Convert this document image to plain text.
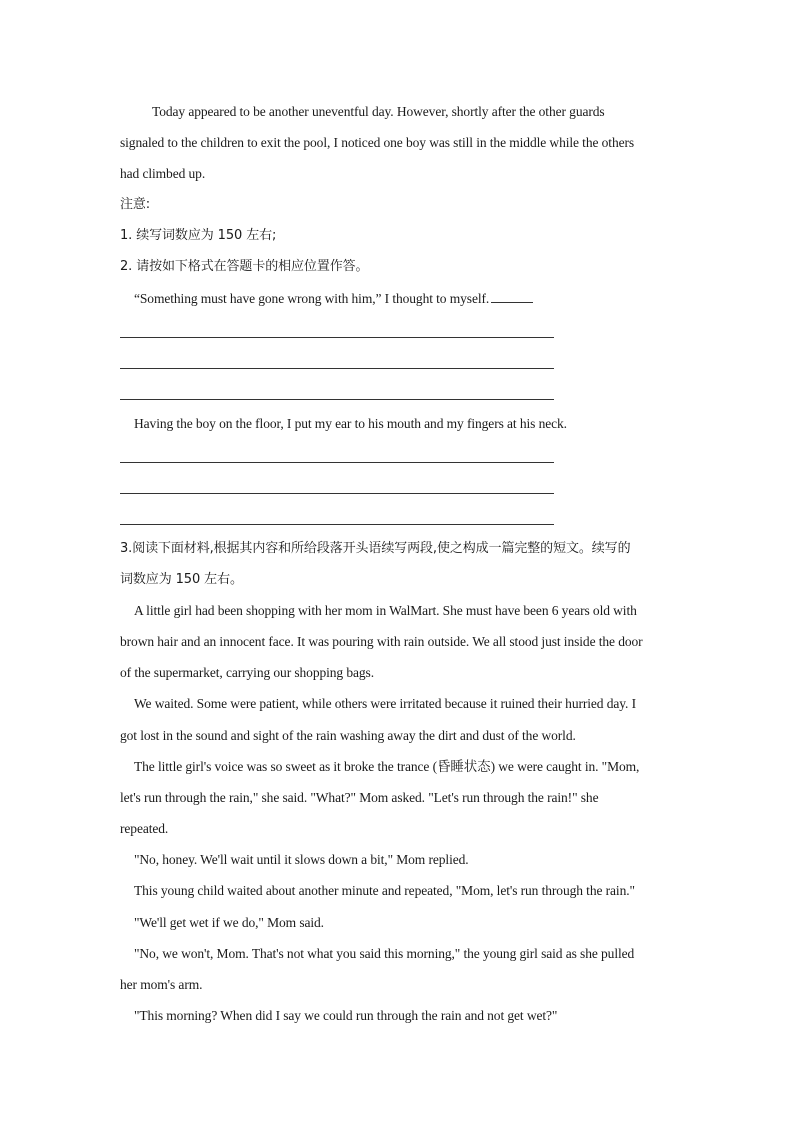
Today appeared to be another uneventful day. However, shortly after the other guards
signaled to the children to exit the pool, I noticed one boy was still in the middle while the others
had climbed up.
注意:
1. 续写词数应为 150 左右;
2. 请按如下格式在答题卡的相应位置作答。
“Something must have gone wrong with him,” I thought to myself.
Having the boy on the floor, I put my ear to his mouth and my fingers at his neck.
3.阅读下面材料,根据其内容和所给段落开头语续写两段,使之构成一篇完整的短文。续写的
词数应为 150 左右。
A little girl had been shopping with her mom in WalMart. She must have been 6 years old with
brown hair and an innocent face. It was pouring with rain outside. We all stood just inside the door
of the supermarket, carrying our shopping bags.
We waited. Some were patient, while others were irritated because it ruined their hurried day. I
got lost in the sound and sight of the rain washing away the dirt and dust of the world.
The little girl's voice was so sweet as it broke the trance (昏睡状态) we were caught in. "Mom,
let's run through the rain," she said. "What?" Mom asked. "Let's run through the rain!" she
repeated.
"No, honey. We'll wait until it slows down a bit," Mom replied.
This young child waited about another minute and repeated, "Mom, let's run through the rain."
"We'll get wet if we do," Mom said.
"No, we won't, Mom. That's not what you said this morning," the young girl said as she pulled
her mom's arm.
"This morning? When did I say we could run through the rain and not get wet?"
